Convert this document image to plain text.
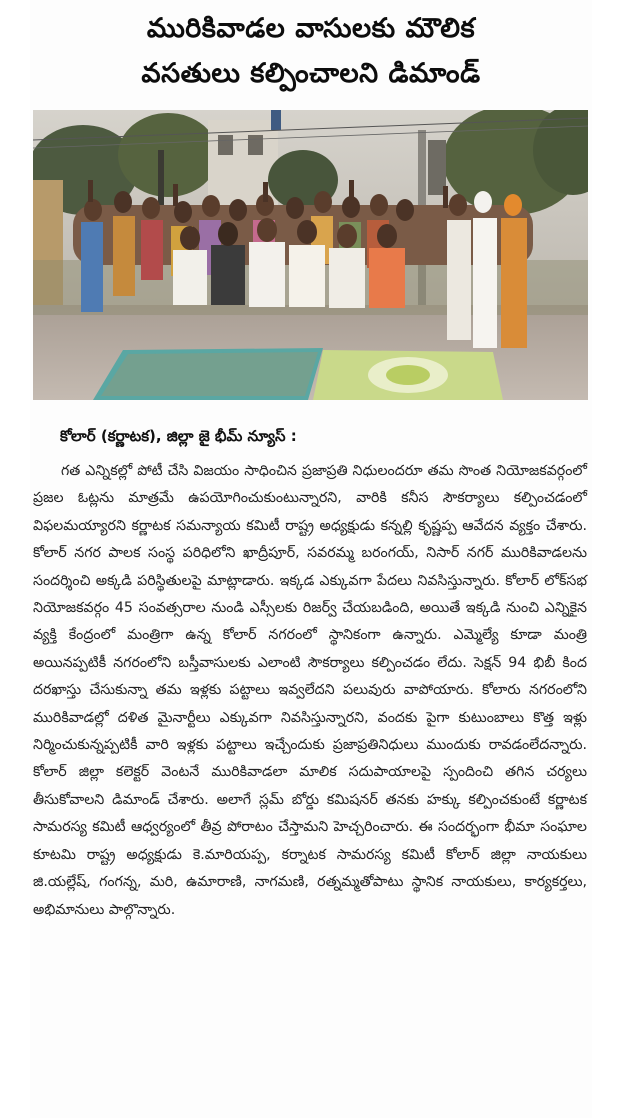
మురికివాడల వాసులకు మౌలిక
వసతులు కల్పించాలని డిమాండ్
కోలార్ (కర్ణాటక), జిల్లా జై భీమ్ న్యూస్ :

గత ఎన్నికల్లో పోటీ చేసి విజయం సాధించిన ప్రజాప్రతి నిధులందరూ తమ సొంత నియోజకవర్గంలో ప్రజల ఓట్లను మాత్రమే ఉపయోగించుకుంటున్నారని, వారికి కనీస సౌకర్యాలు కల్పించడంలో విఫలమయ్యారని కర్ణాటక సమన్యాయ కమిటీ రాష్ట్ర అధ్యక్షుడు కన్నల్లి కృష్ణప్ప ఆవేదన వ్యక్తం చేశారు. కోలార్ నగర పాలక సంస్థ పరిధిలోని ఖాద్రీపూర్, సవరమ్మ బరంగయ్, నిసార్ నగర్ మురికివాడలను సందర్శించి అక్కడి పరిస్థితులపై మాట్లాడారు. ఇక్కడ ఎక్కువగా పేదలు నివసిస్తున్నారు. కోలార్ లోక్‌సభ నియోజకవర్గం 45 సంవత్సరాల నుండి ఎస్సీలకు రిజర్వ్ చేయబడింది, అయితే ఇక్కడి నుంచి ఎన్నికైన వ్యక్తి కేంద్రంలో మంత్రిగా ఉన్న కోలార్ నగరంలో స్థానికంగా ఉన్నారు. ఎమ్మెల్యే కూడా మంత్రి అయినప్పటికీ నగరంలోని బస్తీవాసులకు ఎలాంటి సౌకర్యాలు కల్పించడం లేదు. సెక్షన్ 94 భిబీ కింద దరఖాస్తు చేసుకున్నా తమ ఇళ్లకు పట్టాలు ఇవ్వలేదని పలువురు వాపోయారు. కోలారు నగరంలోని మురికివాడల్లో దళిత మైనార్టీలు ఎక్కువగా నివసిస్తున్నారని, వందకు పైగా కుటుంబాలు కొత్త ఇళ్లు నిర్మించుకున్నప్పటికీ వారి ఇళ్లకు పట్టాలు ఇచ్చేందుకు ప్రజాప్రతినిధులు ముందుకు రావడంలేదన్నారు. కోలార్ జిల్లా కలెక్టర్ వెంటనే మురికివాడలా మాలిక సదుపాయాలపై స్పందించి తగిన చర్యలు తీసుకోవాలని డిమాండ్ చేశారు. అలాగే స్లమ్ బోర్డు కమిషనర్ తనకు హక్కు కల్పించకుంటే కర్ణాటక సామరస్య కమిటీ ఆధ్వర్యంలో తీవ్ర పోరాటం చేస్తామని హెచ్చరించారు. ఈ సందర్భంగా భీమా సంఘాల కూటమి రాష్ట్ర అధ్యక్షుడు కె.మారియప్ప, కర్నాటక సామరస్య కమిటీ కోలార్ జిల్లా నాయకులు జి.యల్లేష్, గంగన్న, మరి, ఉమారాణి, నాగమణి, రత్నమ్మతోపాటు స్థానిక నాయకులు, కార్యకర్తలు, అభిమానులు పాల్గొన్నారు.
